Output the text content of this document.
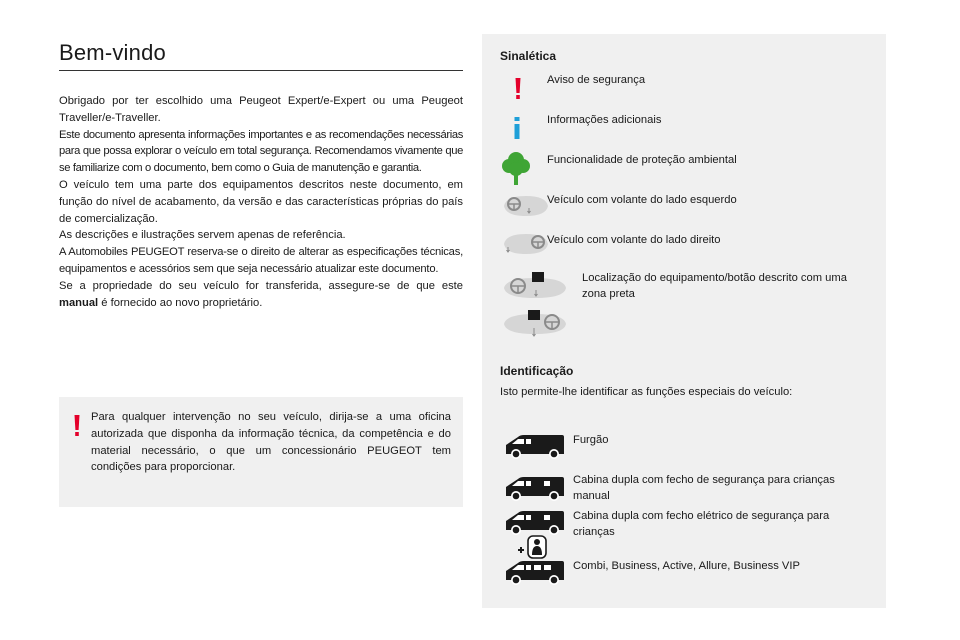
Bem-vindo

Obrigado por ter escolhido uma Peugeot Expert/e-Expert ou uma Peugeot Traveller/e-Traveller.

Este documento apresenta informações importantes e as recomendações necessárias para que possa explorar o veículo em total segurança. Recomendamos vivamente que se familiarize com o documento, bem como o Guia de manutenção e garantia.

O veículo tem uma parte dos equipamentos descritos neste documento, em função do nível de acabamento, da versão e das características próprias do país de comercialização.

As descrições e ilustrações servem apenas de referência.

A Automobiles PEUGEOT reserva-se o direito de alterar as especificações técnicas, equipamentos e acessórios sem que seja necessário atualizar este documento.

Se a propriedade do seu veículo for transferida, assegure-se de que este manual é fornecido ao novo proprietário.

Para qualquer intervenção no seu veículo, dirija-se a uma oficina autorizada que disponha da informação técnica, da competência e do material necessário, o que um concessionário PEUGEOT tem condições para proporcionar.
Sinalética
Aviso de segurança
Informações adicionais
Funcionalidade de proteção ambiental
Veículo com volante do lado esquerdo
Veículo com volante do lado direito
Localização do equipamento/botão descrito com uma zona preta
Identificação
Isto permite-lhe identificar as funções especiais do veículo:
Furgão
Cabina dupla com fecho de segurança para crianças manual
Cabina dupla com fecho elétrico de segurança para crianças
Combi, Business, Active, Allure, Business VIP
